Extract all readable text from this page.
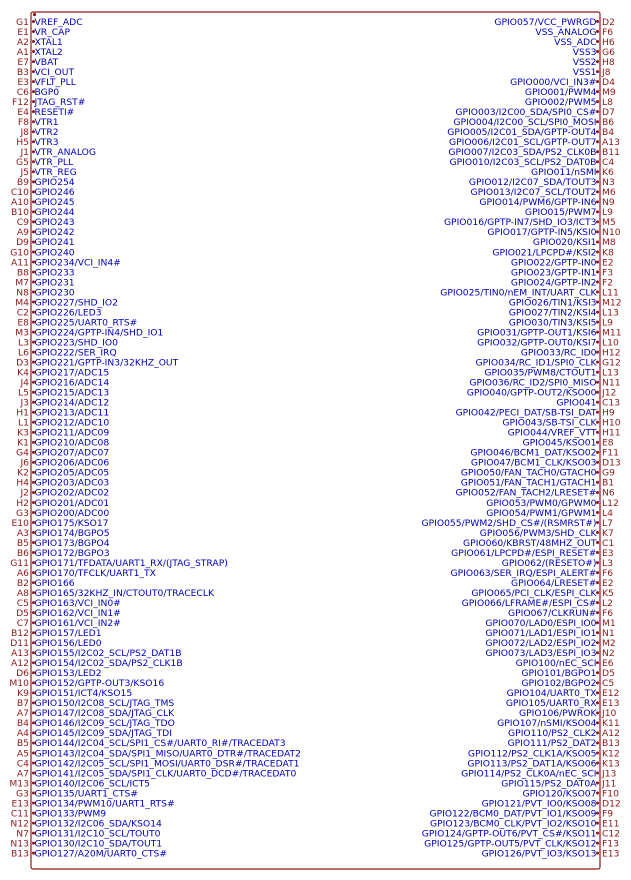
G1 VREF_ADC
E1 VR_CAP
A2 XTAL1
A1 XTAL2
E7 VBAT
B3 VCI_OUT
E3 VFLT_PLL
C6 BGP0
F12 JTAG_RST#
E4 RESETI#
F8 VTR1
J8 VTR2
H5 VTR3
J1 VTR_ANALOG
G5 VTR_PLL
J5 VTR_REG
B9 GPIO254
C10 GPIO246
A10 GPIO245
B10 GPIO244
C9 GPIO243
A9 GPIO242
D9 GPIO241
G10 GPIO240
A11 GPIO234/VCI_IN4#
B8 GPIO233
M7 GPIO231
N8 GPIO230
M4 GPIO227/SHD_IO2
C2 GPIO226/LED3
E8 GPIO225/UART0_RTS#
M3 GPIO224/GPTP-IN4/SHD_IO1
L3 GPIO223/SHD_IO0
L6 GPIO222/SER_IRQ
D3 GPIO221/GPTP-IN3/32KHZ_OUT
K4 GPIO217/ADC15
J4 GPIO216/ADC14
L5 GPIO215/ADC13
J3 GPIO214/ADC12
H1 GPIO213/ADC11
L1 GPIO212/ADC10
K3 GPIO211/ADC09
K1 GPIO210/ADC08
G4 GPIO207/ADC07
J6 GPIO206/ADC06
K2 GPIO205/ADC05
H4 GPIO203/ADC03
J2 GPIO202/ADC02
H2 GPIO201/ADC01
G3 GPIO200/ADC00
E10 GPIO175/KSO17
A3 GPIO174/BGPO5
B5 GPIO173/BGPO4
B6 GPIO172/BGPO3
G11 GPIO171/TFDATA/UART1_RX/(JTAG_STRAP)
A6 GPIO170/TFCLK/UART1_TX
B2 GPIO166
A8 GPIO165/32KHZ_IN/CTOUT0/TRACECLK
C5 GPIO163/VCI_IN0#
D5 GPIO162/VCI_IN1#
C7 GPIO161/VCI_IN2#
B12 GPIO157/LED1
D11 GPIO156/LED0
A13 GPIO155/I2C02_SCL/PS2_DAT1B
A12 GPIO154/I2C02_SDA/PS2_CLK1B
D6 GPIO153/LED2
M10 GPIO152/GPTP-OUT3/KSO16
K9 GPIO151/ICT4/KSO15
B7 GPIO150/I2C08_SCL/JTAG_TMS
A7 GPIO147/I2C08_SDA/JTAG_CLK
B4 GPIO146/I2C09_SCL/JTAG_TDO
A4 GPIO145/I2C09_SDA/JTAG_TDI
B5 GPIO144/I2C04_SCL/SPI1_CS#/UART0_RI#/TRACEDAT3
A5 GPIO143/I2C04_SDA/SPI1_MISO/UART0_DTR#/TRACEDAT2
C4 GPIO142/I2C05_SCL/SPI1_MOSI/UART0_DSR#/TRACEDAT1
A7 GPIO141/I2C05_SDA/SPI1_CLK/UART0_DCD#/TRACEDAT0
M13 GPIO140/I2C06_SCL/ICT5
G3 GPIO135/UART1_CTS#
E13 GPIO134/PWM10/UART1_RTS#
C11 GPIO133/PWM9
N12 GPIO132/I2C06_SDA/KSO14
N7 GPIO131/I2C10_SCL/TOUT0
N13 GPIO130/I2C10_SDA/TOUT1
B13 GPIO127/A20M/UART0_CTS#
D2
GPIO057/VCC_PWRGD
F6
VSS_ANALOG
H6
VSS_ADC
G6
VSS3
H8
VSS2
J8
VSS1
D4
GPIO000/VCI_IN3#
M9
GPIO001/PWM4
L8
GPIO002/PWM5
D7
GPIO003/I2C00_SDA/SPI0_CS#
B6
GPIO004/I2C00_SCL/SPI0_MOSI
B4
GPIO005/I2C01_SDA/GPTP-OUT4
A13
GPIO006/I2C01_SCL/GPTP-OUT7
B11
GPIO007/I2C03_SDA/PS2_CLK0B
C4
GPIO010/I2C03_SCL/PS2_DAT0B
K6
GPIO011/nSMI
N3
GPIO012/I2C07_SDA/TOUT3
M6
GPIO013/I2C07_SCL/TOUT2
N9
GPIO014/PWM6/GPTP-IN6
L9
GPIO015/PWM7
M5
GPIO016/GPTP-IN7/SHD_IO3/ICT3
N10
GPIO017/GPTP-IN5/KSI0
M8
GPIO020/KSI1
K8
GPIO021/LPCPD#/KSI2
E2
GPIO022/GPTP-IN0
F3
GPIO023/GPTP-IN1
F2
GPIO024/GPTP-IN2
L11
GPIO025/TIN0/nEM_INT/UART_CLK
M12
GPIO026/TIN1/KSI3
L13
GPIO027/TIN2/KSI4
L9
GPIO030/TIN3/KSI5
M11
GPIO031/GPTP-OUT1/KSI6
L10
GPIO032/GPTP-OUT0/KSI7
H12
GPIO033/RC_ID0
G12
GPIO034/RC_ID1/SPI0_CLK
L13
GPIO035/PWM8/CTOUT1
N11
GPIO036/RC_ID2/SPI0_MISO
J12
GPIO040/GPTP-OUT2/KSO00
C13
GPIO041
H9
GPIO042/PECI_DAT/SB-TSI_DAT
H10
GPIO043/SB-TSI_CLK
H11
GPIO044/VREF_VTT
E8
GPIO045/KSO01
F11
GPIO046/BCM1_DAT/KSO02
D13
GPIO047/BCM1_CLK/KSO03
G9
GPIO050/FAN_TACH0/GTACH0
B1
GPIO051/FAN_TACH1/GTACH1
N6
GPIO052/FAN_TACH2/LRESET#
L12
GPIO053/PWM0/GPWM0
L4
GPIO054/PWM1/GPWM1
L7
GPIO055/PWM2/SHD_CS#/(RSMRST#)
K7
GPIO056/PWM3/SHD_CLK
C1
GPIO060/KBRST/48MHZ_OUT
E3
GPIO061/LPCPD#/ESPI_RESET#
L3
GPIO062/(RESETO#)
F6
GPIO063/SER_IRQ/ESPI_ALERT#
E2
GPIO064/LRESET#
K5
GPIO065/PCI_CLK/ESPI_CLK
L2
GPIO066/LFRAME#/ESPI_CS#
F6
GPIO067/CLKRUN#
M1
GPIO070/LAD0/ESPI_IO0
N1
GPIO071/LAD1/ESPI_IO1
M2
GPIO072/LAD2/ESPI_IO2
N2
GPIO073/LAD3/ESPI_IO3
E6
GPIO100/nEC_SCI
D5
GPIO101/BGPO1
C5
GPIO102/BGPO2
E12
GPIO104/UART0_TX
E13
GPIO105/UART0_RX
J10
GPIO106/PWROK
K11
GPIO107/nSMI/KSO04
A12
GPIO110/PS2_CLK2
B13
GPIO111/PS2_DAT2
K12
GPIO112/PS2_CLK1A/KSO05
K13
GPIO113/PS2_DAT1A/KSO06
J13
GPIO114/PS2_CLK0A/nEC_SCI
J11
GPIO115/PS2_DAT0A
F10
GPIO120/KSO07
D12
GPIO121/PVT_IO0/KSO08
F9
GPIO122/BCM0_DAT/PVT_IO1/KSO09
E11
GPIO123/BCM0_CLK/PVT_IO2/KSO10
C12
GPIO124/GPTP-OUT6/PVT_CS#/KSO11
F13
GPIO125/GPTP-OUT5/PVT_CLK/KSO12
E13
GPIO126/PVT_IO3/KSO13
